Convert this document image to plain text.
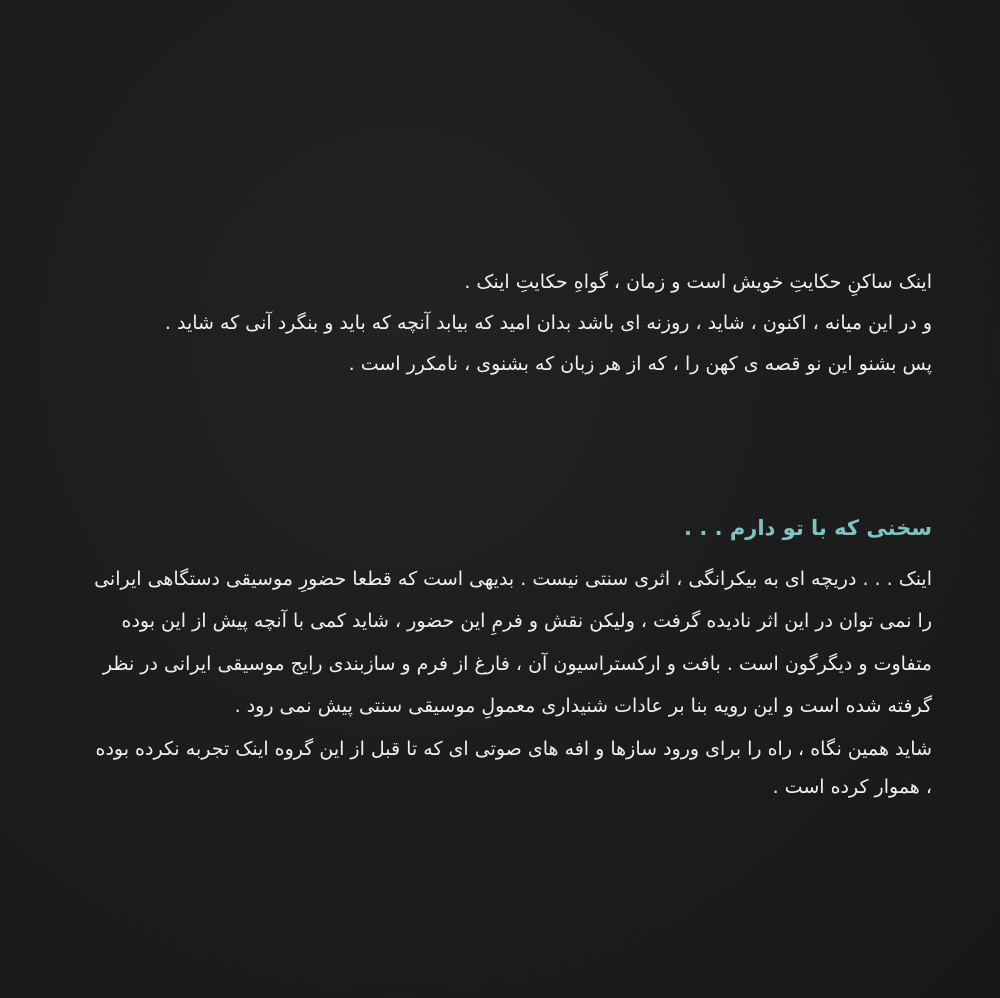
اینک ساکنِ حکایتِ خویش است و زمان ، گواهِ حکایتِ اینک .
و در این میانه ، اکنون ، شاید ، روزنه ای باشد بدان امید که بیابد آنچه که باید و بنگرد آنی که شاید .
پس بشنو این نو قصه ی کهن را ، که از هر زبان که بشنوی ، نامکرر است .
سخنی که با تو دارم . . .
اینک . . . دریچه ای به بیکرانگی ، اثری سنتی نیست . بدیهی است که قطعا حضورِ موسیقی دستگاهی ایرانی
را نمی توان در این اثر نادیده گرفت ، ولیکن نقش و فرمِ این حضور ، شاید کمی با آنچه پیش از این بوده
متفاوت و دیگرگون است . بافت و ارکستراسیون آن ، فارغ از فرم و سازبندی رایج موسیقی ایرانی در نظر
گرفته شده است و این رویه بنا بر عادات شنیداری معمولِ موسیقی سنتی پیش نمی رود .
شاید همین نگاه ، راه را برای ورود سازها و افه های صوتی ای که تا قبل از این گروه اینک تجربه نکرده بوده
، هموار کرده است .
